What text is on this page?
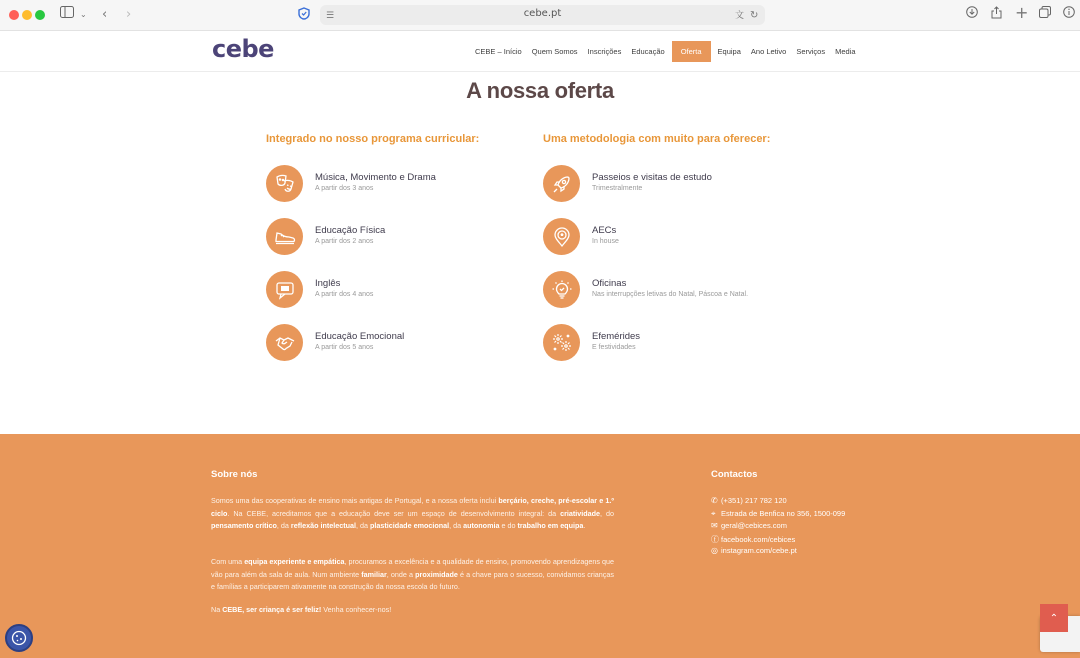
⌄ ‹ ›	☰	cebe.pt	文 ↻	+
cebe	CEBE – Início	Quem Somos	Inscrições	Educação	Oferta	Equipa	Ano Letivo	Serviços	Media
A nossa oferta
Integrado no nosso programa curricular:	Uma metodologia com muito para oferecer:
Música, Movimento e Drama
A partir dos 3 anos
Educação Física
A partir dos 2 anos
Inglês
A partir dos 4 anos
Educação Emocional
A partir dos 5 anos
Passeios e visitas de estudo
Trimestralmente
AECs
In house
Oficinas
Nas interrupções letivas do Natal, Páscoa e Natal.
Efemérides
E festividades
Sobre nós

Somos uma das cooperativas de ensino mais antigas de Portugal, e a nossa oferta inclui berçário, creche, pré-escolar e 1.º ciclo. Na CEBE, acreditamos que a educação deve ser um espaço de desenvolvimento integral: da criatividade, do pensamento crítico, da reflexão intelectual, da plasticidade emocional, da autonomia e do trabalho em equipa.

Com uma equipa experiente e empática, procuramos a excelência e a qualidade de ensino, promovendo aprendizagens que vão para além da sala de aula. Num ambiente familiar, onde a proximidade é a chave para o sucesso, convidamos crianças e famílias a participarem ativamente na construção da nossa escola do futuro.

Na CEBE, ser criança é ser feliz! Venha conhecer-nos!

Contactos
✆ (+351) 217 782 120
⌖ Estrada de Benfica no 356, 1500-099
✉ geral@cebices.com
ⓕ facebook.com/cebices
◎ instagram.com/cebe.pt
⌃
